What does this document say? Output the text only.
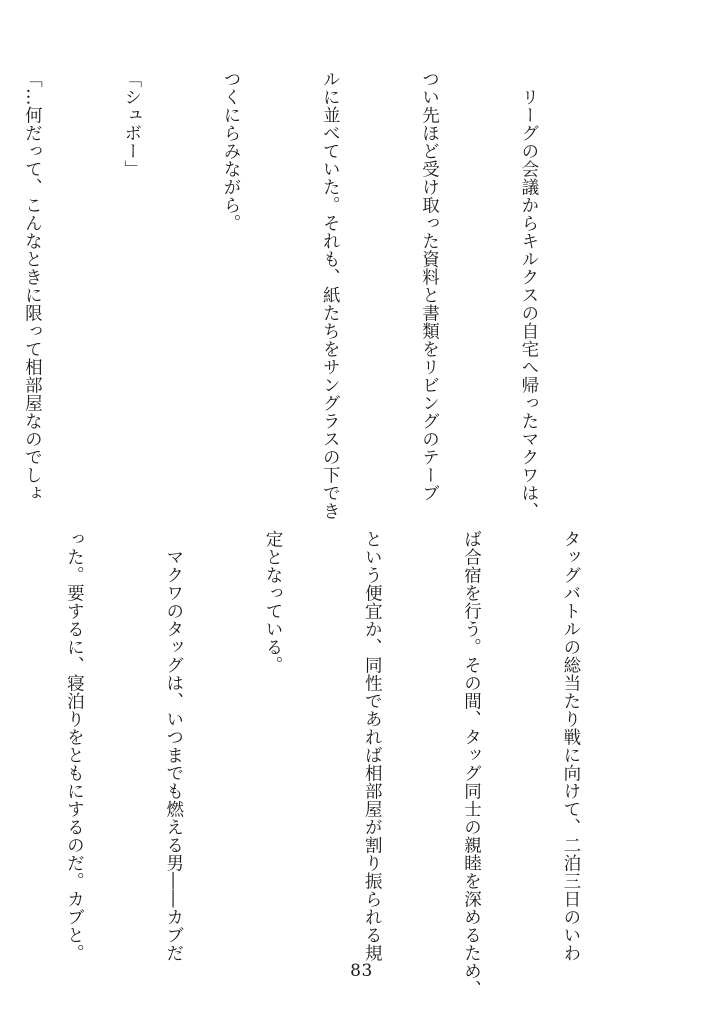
　リーグの会議からキルクスの自宅へ帰ったマクワは、

つい先ほど受け取った資料と書類をリビングのテーブ

ルに並べていた。それも、紙たちをサングラスの下でき

つくにらみながら。

「シュボー」

「…何だって、こんなときに限って相部屋なのでしょ

タッグバトルの総当たり戦に向けて、二泊三日のいわ

ば合宿を行う。その間、タッグ同士の親睦を深めるため、

という便宜か、同性であれば相部屋が割り振られる規

定となっている。

　マクワのタッグは、いつまでも燃える男――カブだ

った。要するに、寝泊りをともにするのだ。カブと。

83
